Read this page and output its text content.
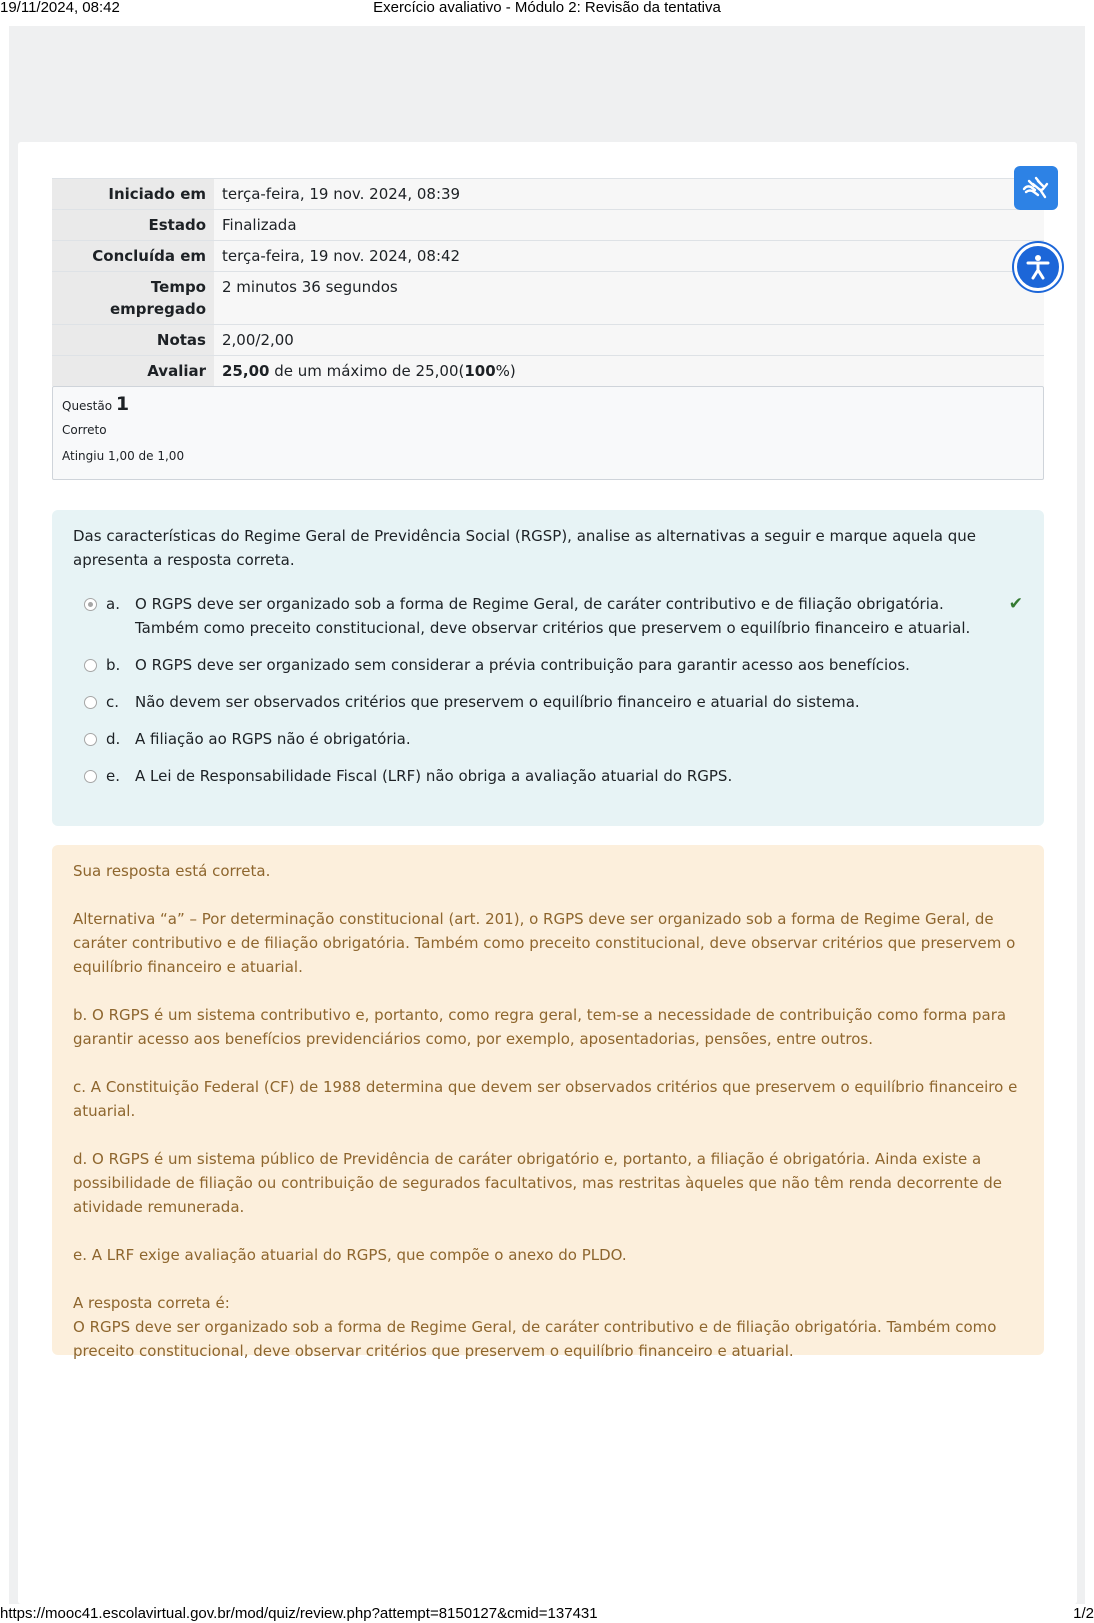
19/11/2024, 08:42	Exercício avaliativo - Módulo 2: Revisão da tentativa
Iniciado em	terça-feira, 19 nov. 2024, 08:39
Estado	Finalizada
Concluída em	terça-feira, 19 nov. 2024, 08:42
Tempo empregado	2 minutos 36 segundos
Notas	2,00/2,00
Avaliar	25,00 de um máximo de 25,00(100%)
Questão 1
Correto
Atingiu 1,00 de 1,00
Das características do Regime Geral de Previdência Social (RGSP), analise as alternativas a seguir e marque aquela que apresenta a resposta correta.
a. O RGPS deve ser organizado sob a forma de Regime Geral, de caráter contributivo e de filiação obrigatória. Também como preceito constitucional, deve observar critérios que preservem o equilíbrio financeiro e atuarial.
✔
b. O RGPS deve ser organizado sem considerar a prévia contribuição para garantir acesso aos benefícios.
c. Não devem ser observados critérios que preservem o equilíbrio financeiro e atuarial do sistema.
d. A filiação ao RGPS não é obrigatória.
e. A Lei de Responsabilidade Fiscal (LRF) não obriga a avaliação atuarial do RGPS.

Sua resposta está correta.

Alternativa “a” – Por determinação constitucional (art. 201), o RGPS deve ser organizado sob a forma de Regime Geral, de caráter contributivo e de filiação obrigatória. Também como preceito constitucional, deve observar critérios que preservem o equilíbrio financeiro e atuarial.

b. O RGPS é um sistema contributivo e, portanto, como regra geral, tem-se a necessidade de contribuição como forma para garantir acesso aos benefícios previdenciários como, por exemplo, aposentadorias, pensões, entre outros.

c. A Constituição Federal (CF) de 1988 determina que devem ser observados critérios que preservem o equilíbrio financeiro e atuarial.

d. O RGPS é um sistema público de Previdência de caráter obrigatório e, portanto, a filiação é obrigatória. Ainda existe a possibilidade de filiação ou contribuição de segurados facultativos, mas restritas àqueles que não têm renda decorrente de atividade remunerada.

e. A LRF exige avaliação atuarial do RGPS, que compõe o anexo do PLDO.

A resposta correta é:

O RGPS deve ser organizado sob a forma de Regime Geral, de caráter contributivo e de filiação obrigatória. Também como preceito constitucional, deve observar critérios que preservem o equilíbrio financeiro e atuarial.

https://mooc41.escolavirtual.gov.br/mod/quiz/review.php?attempt=8150127&cmid=137431	1/2
